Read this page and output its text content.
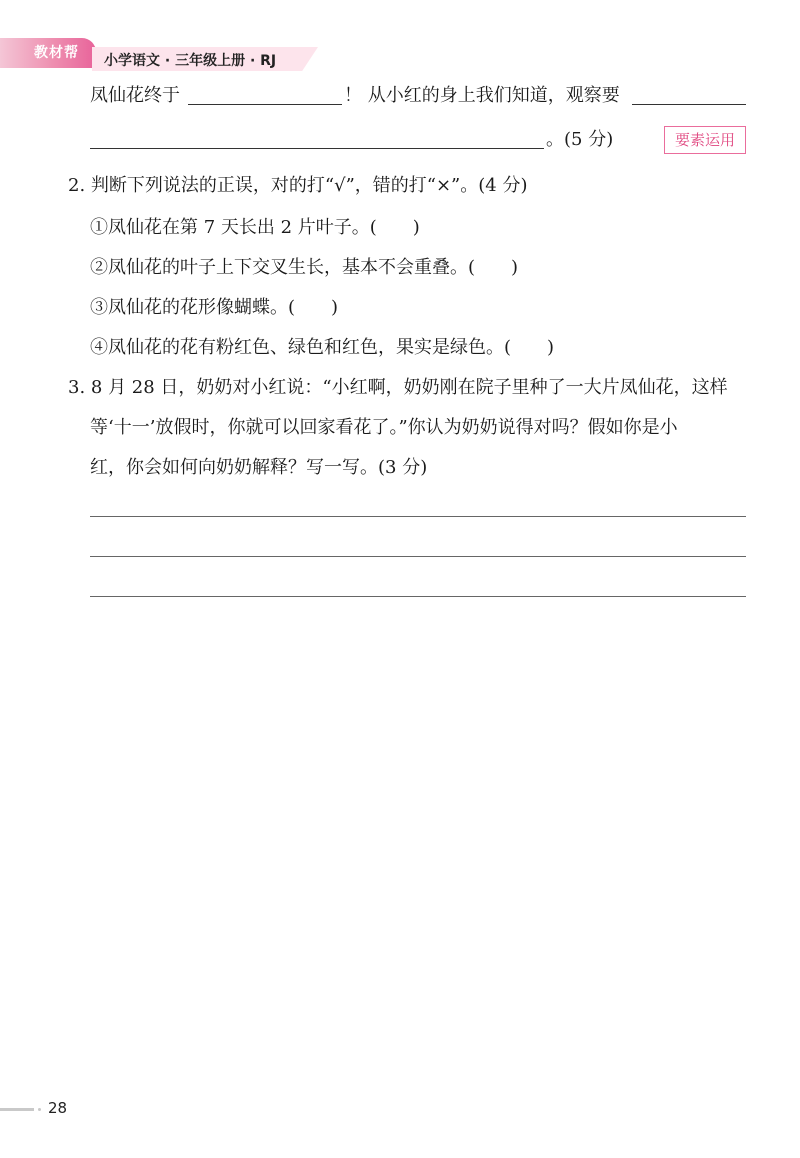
教材帮 小学语文 · 三年级上册 · RJ
凤仙花终于	！ 从小红的身上我们知道，观察要
。(5 分)	要素运用
2. 判断下列说法的正误，对的打“√”，错的打“×”。(4 分)
①凤仙花在第 7 天长出 2 片叶子。(　　)
②凤仙花的叶子上下交叉生长，基本不会重叠。(　　)
③凤仙花的花形像蝴蝶。(　　)
④凤仙花的花有粉红色、绿色和红色，果实是绿色。(　　)
3. 8 月 28 日，奶奶对小红说：“小红啊，奶奶刚在院子里种了一大片凤仙花，这样
等‘十一’放假时，你就可以回家看花了。”你认为奶奶说得对吗？假如你是小
红，你会如何向奶奶解释？写一写。(3 分)
28
